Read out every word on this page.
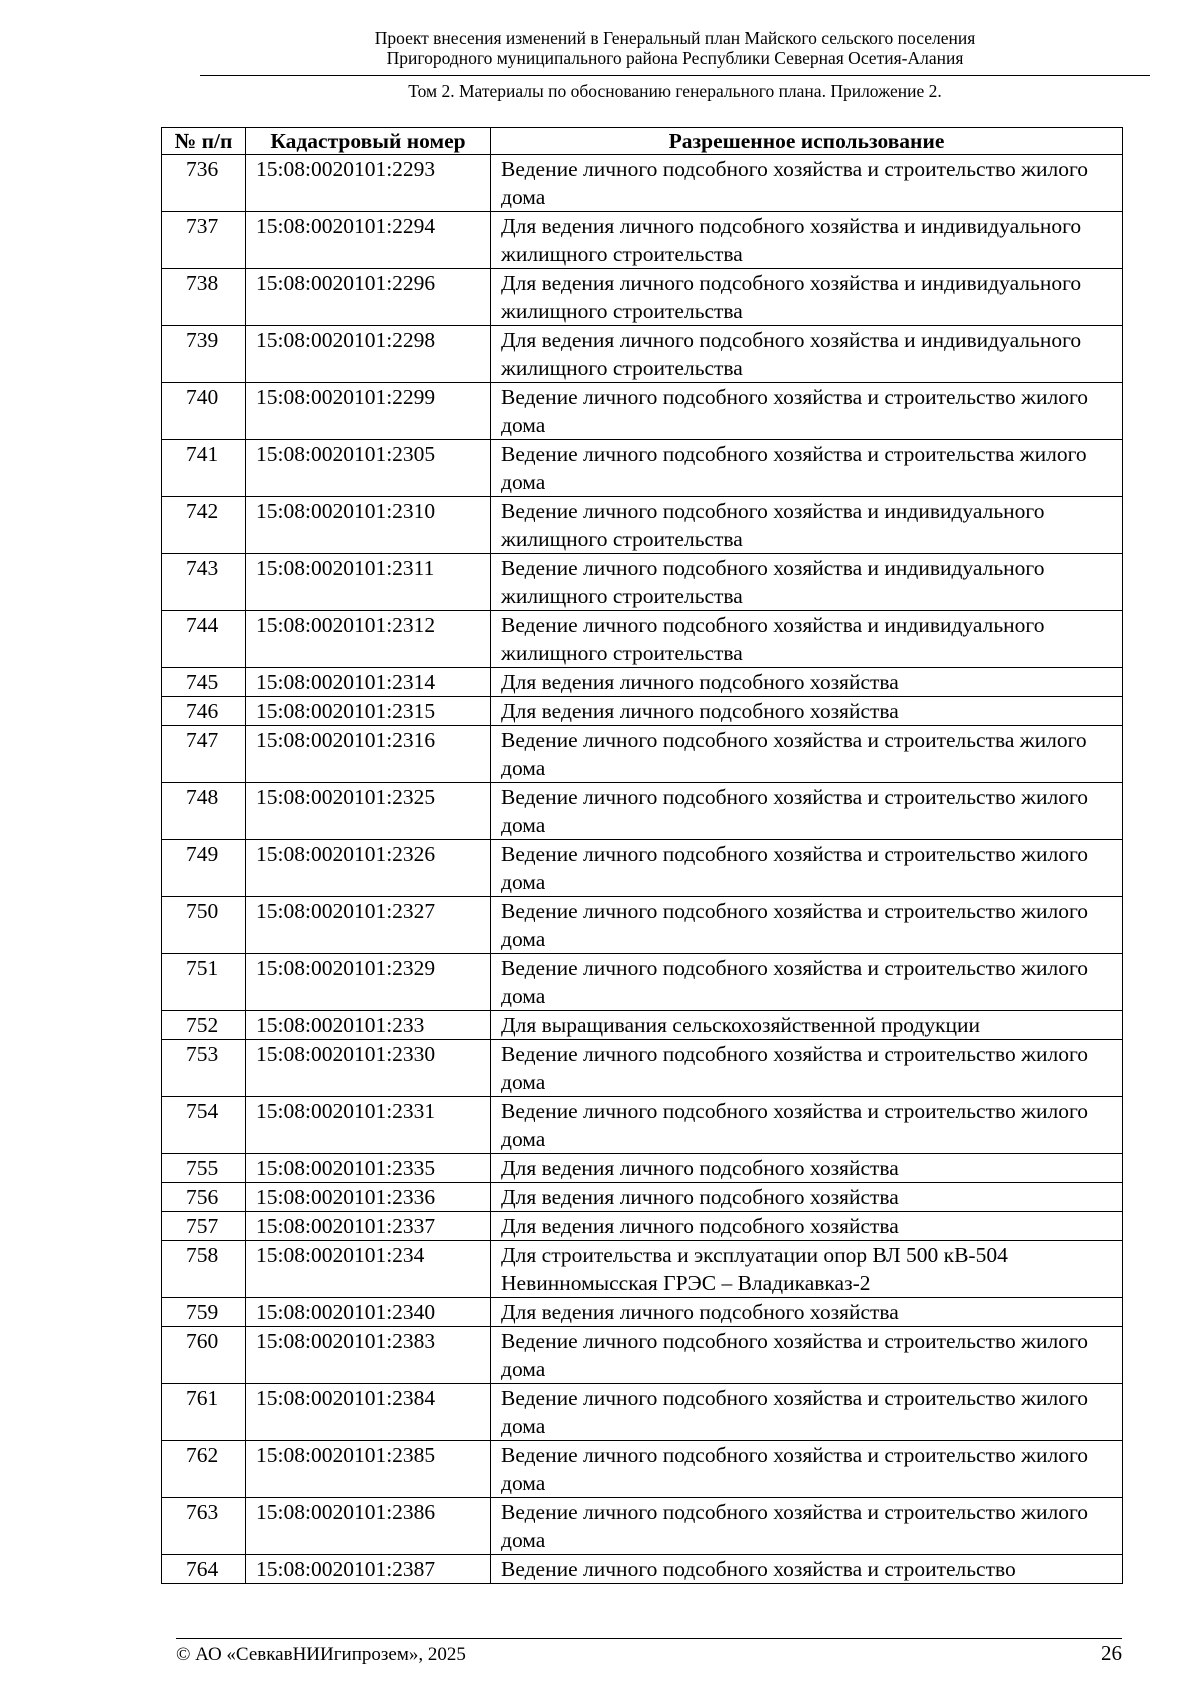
Проект внесения изменений в Генеральный план Майского сельского поселения
Пригородного муниципального района Республики Северная Осетия-Алания
Том 2. Материалы по обоснованию генерального плана. Приложение 2.
№ п/п	Кадастровый номер	Разрешенное использование
736	15:08:0020101:2293	Ведение личного подсобного хозяйства и строительство жилого дома
737	15:08:0020101:2294	Для ведения личного подсобного хозяйства и индивидуального жилищного строительства
738	15:08:0020101:2296	Для ведения личного подсобного хозяйства и индивидуального жилищного строительства
739	15:08:0020101:2298	Для ведения личного подсобного хозяйства и индивидуального жилищного строительства
740	15:08:0020101:2299	Ведение личного подсобного хозяйства и строительство жилого дома
741	15:08:0020101:2305	Ведение личного подсобного хозяйства и строительства жилого дома
742	15:08:0020101:2310	Ведение личного подсобного хозяйства и индивидуального жилищного строительства
743	15:08:0020101:2311	Ведение личного подсобного хозяйства и индивидуального жилищного строительства
744	15:08:0020101:2312	Ведение личного подсобного хозяйства и индивидуального жилищного строительства
745	15:08:0020101:2314	Для ведения личного подсобного хозяйства
746	15:08:0020101:2315	Для ведения личного подсобного хозяйства
747	15:08:0020101:2316	Ведение личного подсобного хозяйства и строительства жилого дома
748	15:08:0020101:2325	Ведение личного подсобного хозяйства и строительство жилого дома
749	15:08:0020101:2326	Ведение личного подсобного хозяйства и строительство жилого дома
750	15:08:0020101:2327	Ведение личного подсобного хозяйства и строительство жилого дома
751	15:08:0020101:2329	Ведение личного подсобного хозяйства и строительство жилого дома
752	15:08:0020101:233	Для выращивания сельскохозяйственной продукции
753	15:08:0020101:2330	Ведение личного подсобного хозяйства и строительство жилого дома
754	15:08:0020101:2331	Ведение личного подсобного хозяйства и строительство жилого дома
755	15:08:0020101:2335	Для ведения личного подсобного хозяйства
756	15:08:0020101:2336	Для ведения личного подсобного хозяйства
757	15:08:0020101:2337	Для ведения личного подсобного хозяйства
758	15:08:0020101:234	Для строительства и эксплуатации опор ВЛ 500 кВ-504 Невинномысская ГРЭС – Владикавказ-2
759	15:08:0020101:2340	Для ведения личного подсобного хозяйства
760	15:08:0020101:2383	Ведение личного подсобного хозяйства и строительство жилого дома
761	15:08:0020101:2384	Ведение личного подсобного хозяйства и строительство жилого дома
762	15:08:0020101:2385	Ведение личного подсобного хозяйства и строительство жилого дома
763	15:08:0020101:2386	Ведение личного подсобного хозяйства и строительство жилого дома
764	15:08:0020101:2387	Ведение личного подсобного хозяйства и строительство
© АО «СевкавНИИгипрозем», 2025	26
